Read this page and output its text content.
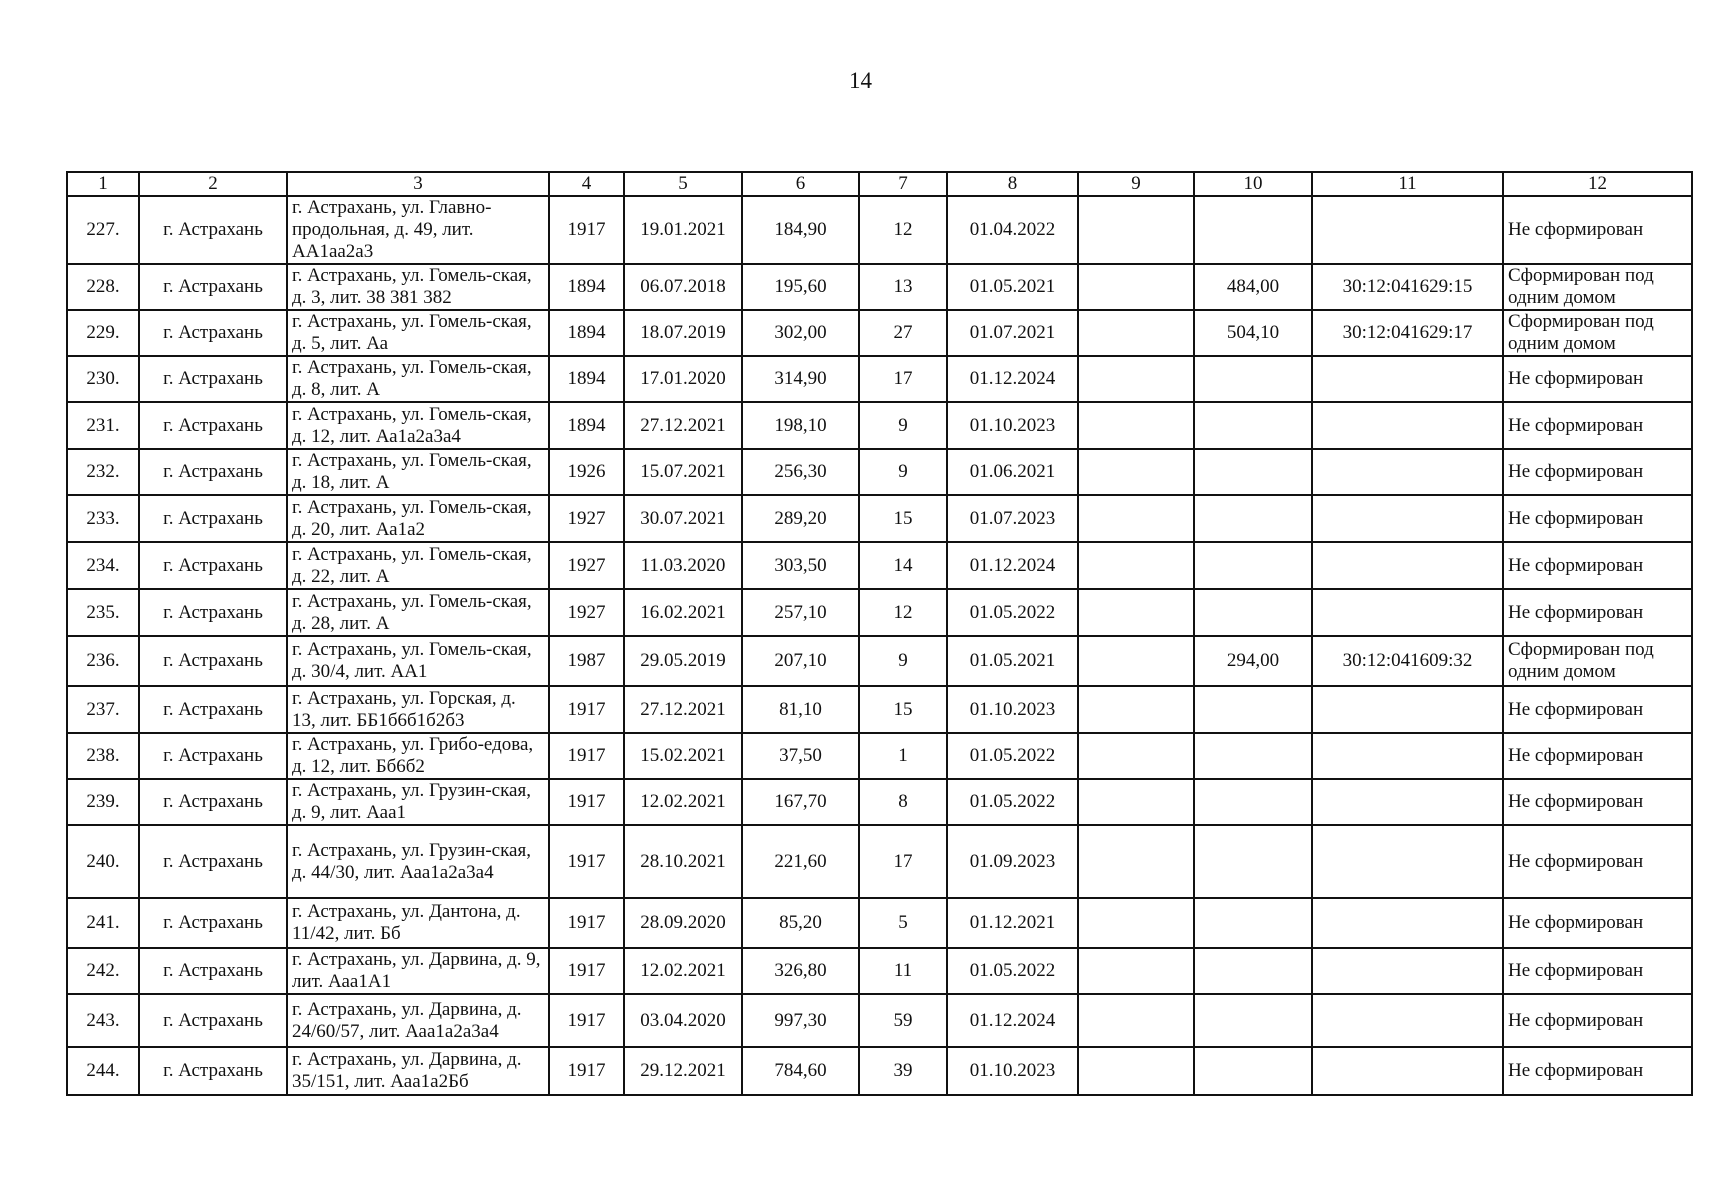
14
1	2	3	4	5	6	7	8	9	10	11	12
227.	г. Астрахань	г. Астрахань, ул. Главно-продольная, д. 49, лит. АА1аа2а3	1917	19.01.2021	184,90	12	01.04.2022				Не сформирован
228.	г. Астрахань	г. Астрахань, ул. Гомель-ская, д. 3, лит. 38 381 382	1894	06.07.2018	195,60	13	01.05.2021		484,00	30:12:041629:15	Сформирован под одним домом
229.	г. Астрахань	г. Астрахань, ул. Гомель-ская, д. 5, лит. Аа	1894	18.07.2019	302,00	27	01.07.2021		504,10	30:12:041629:17	Сформирован под одним домом
230.	г. Астрахань	г. Астрахань, ул. Гомель-ская, д. 8, лит. А	1894	17.01.2020	314,90	17	01.12.2024				Не сформирован
231.	г. Астрахань	г. Астрахань, ул. Гомель-ская, д. 12, лит. Аа1а2а3а4	1894	27.12.2021	198,10	9	01.10.2023				Не сформирован
232.	г. Астрахань	г. Астрахань, ул. Гомель-ская, д. 18, лит. А	1926	15.07.2021	256,30	9	01.06.2021				Не сформирован
233.	г. Астрахань	г. Астрахань, ул. Гомель-ская, д. 20, лит. Аа1а2	1927	30.07.2021	289,20	15	01.07.2023				Не сформирован
234.	г. Астрахань	г. Астрахань, ул. Гомель-ская, д. 22, лит. А	1927	11.03.2020	303,50	14	01.12.2024				Не сформирован
235.	г. Астрахань	г. Астрахань, ул. Гомель-ская, д. 28, лит. А	1927	16.02.2021	257,10	12	01.05.2022				Не сформирован
236.	г. Астрахань	г. Астрахань, ул. Гомель-ская, д. 30/4, лит. АА1	1987	29.05.2019	207,10	9	01.05.2021		294,00	30:12:041609:32	Сформирован под одним домом
237.	г. Астрахань	г. Астрахань, ул. Горская, д. 13, лит. ББ1б6б1б2б3	1917	27.12.2021	81,10	15	01.10.2023				Не сформирован
238.	г. Астрахань	г. Астрахань, ул. Грибо-едова, д. 12, лит. Бб6б2	1917	15.02.2021	37,50	1	01.05.2022				Не сформирован
239.	г. Астрахань	г. Астрахань, ул. Грузин-ская, д. 9, лит. Ааа1	1917	12.02.2021	167,70	8	01.05.2022				Не сформирован
240.	г. Астрахань	г. Астрахань, ул. Грузин-ская, д. 44/30, лит. Ааа1а2а3а4	1917	28.10.2021	221,60	17	01.09.2023				Не сформирован
241.	г. Астрахань	г. Астрахань, ул. Дантона, д. 11/42, лит. Бб	1917	28.09.2020	85,20	5	01.12.2021				Не сформирован
242.	г. Астрахань	г. Астрахань, ул. Дарвина, д. 9, лит. Ааа1А1	1917	12.02.2021	326,80	11	01.05.2022				Не сформирован
243.	г. Астрахань	г. Астрахань, ул. Дарвина, д. 24/60/57, лит. Ааа1а2а3а4	1917	03.04.2020	997,30	59	01.12.2024				Не сформирован
244.	г. Астрахань	г. Астрахань, ул. Дарвина, д. 35/151, лит. Ааа1а2Бб	1917	29.12.2021	784,60	39	01.10.2023				Не сформирован
